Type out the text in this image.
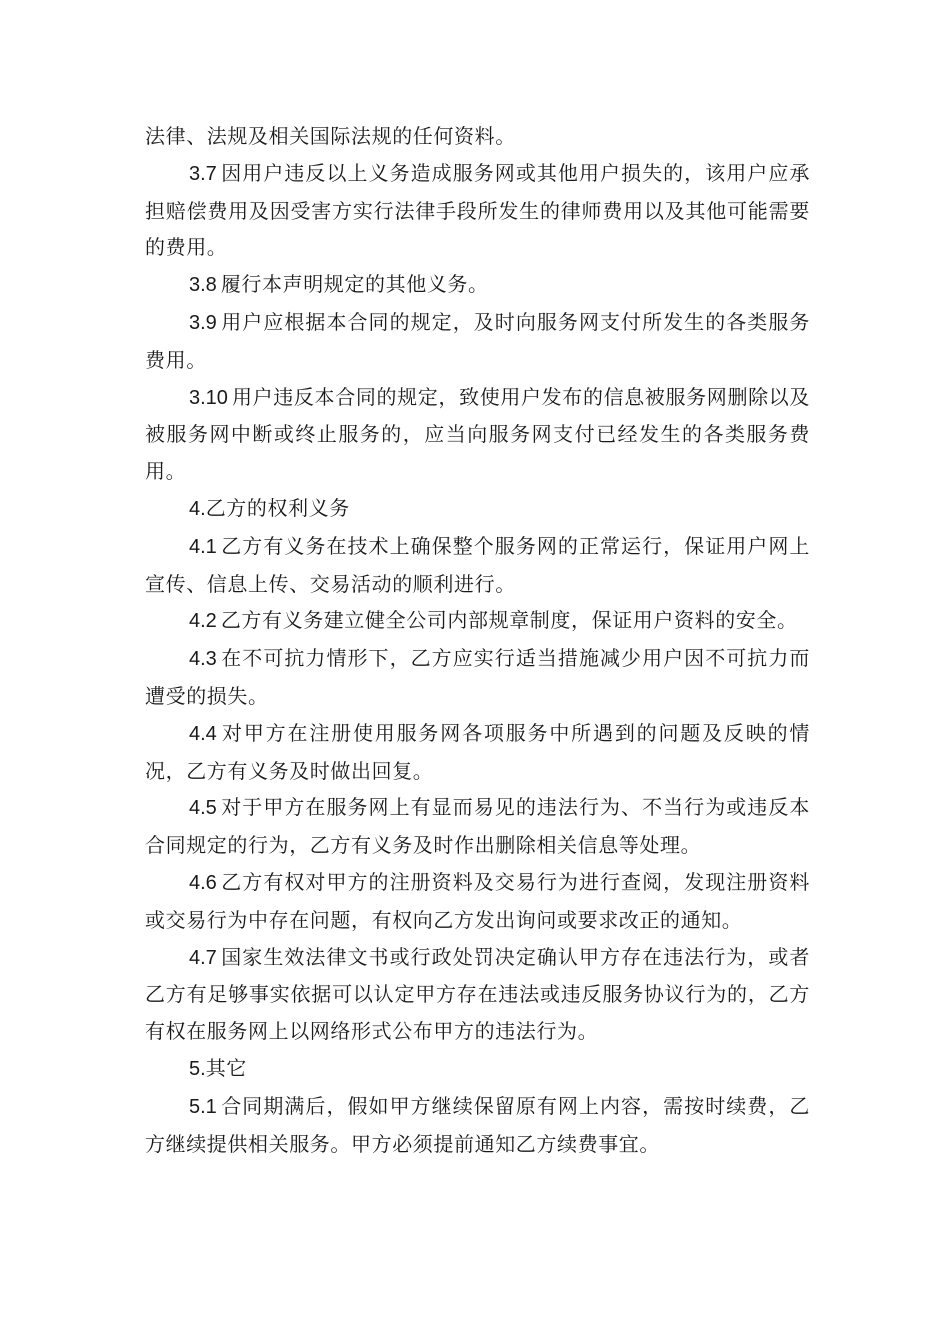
法律、法规及相关国际法规的任何资料。

3.7 因用户违反以上义务造成服务网或其他用户损失的，该用户应承担赔偿费用及因受害方实行法律手段所发生的律师费用以及其他可能需要的费用。

3.8 履行本声明规定的其他义务。

3.9 用户应根据本合同的规定，及时向服务网支付所发生的各类服务费用。

3.10 用户违反本合同的规定，致使用户发布的信息被服务网删除以及被服务网中断或终止服务的，应当向服务网支付已经发生的各类服务费用。

4.乙方的权利义务

4.1 乙方有义务在技术上确保整个服务网的正常运行，保证用户网上宣传、信息上传、交易活动的顺利进行。

4.2 乙方有义务建立健全公司内部规章制度，保证用户资料的安全。

4.3 在不可抗力情形下，乙方应实行适当措施减少用户因不可抗力而遭受的损失。

4.4 对甲方在注册使用服务网各项服务中所遇到的问题及反映的情况，乙方有义务及时做出回复。

4.5 对于甲方在服务网上有显而易见的违法行为、不当行为或违反本合同规定的行为，乙方有义务及时作出删除相关信息等处理。

4.6 乙方有权对甲方的注册资料及交易行为进行查阅，发现注册资料或交易行为中存在问题，有权向乙方发出询问或要求改正的通知。

4.7 国家生效法律文书或行政处罚决定确认甲方存在违法行为，或者乙方有足够事实依据可以认定甲方存在违法或违反服务协议行为的，乙方有权在服务网上以网络形式公布甲方的违法行为。

5.其它

5.1 合同期满后，假如甲方继续保留原有网上内容，需按时续费，乙方继续提供相关服务。甲方必须提前通知乙方续费事宜。
